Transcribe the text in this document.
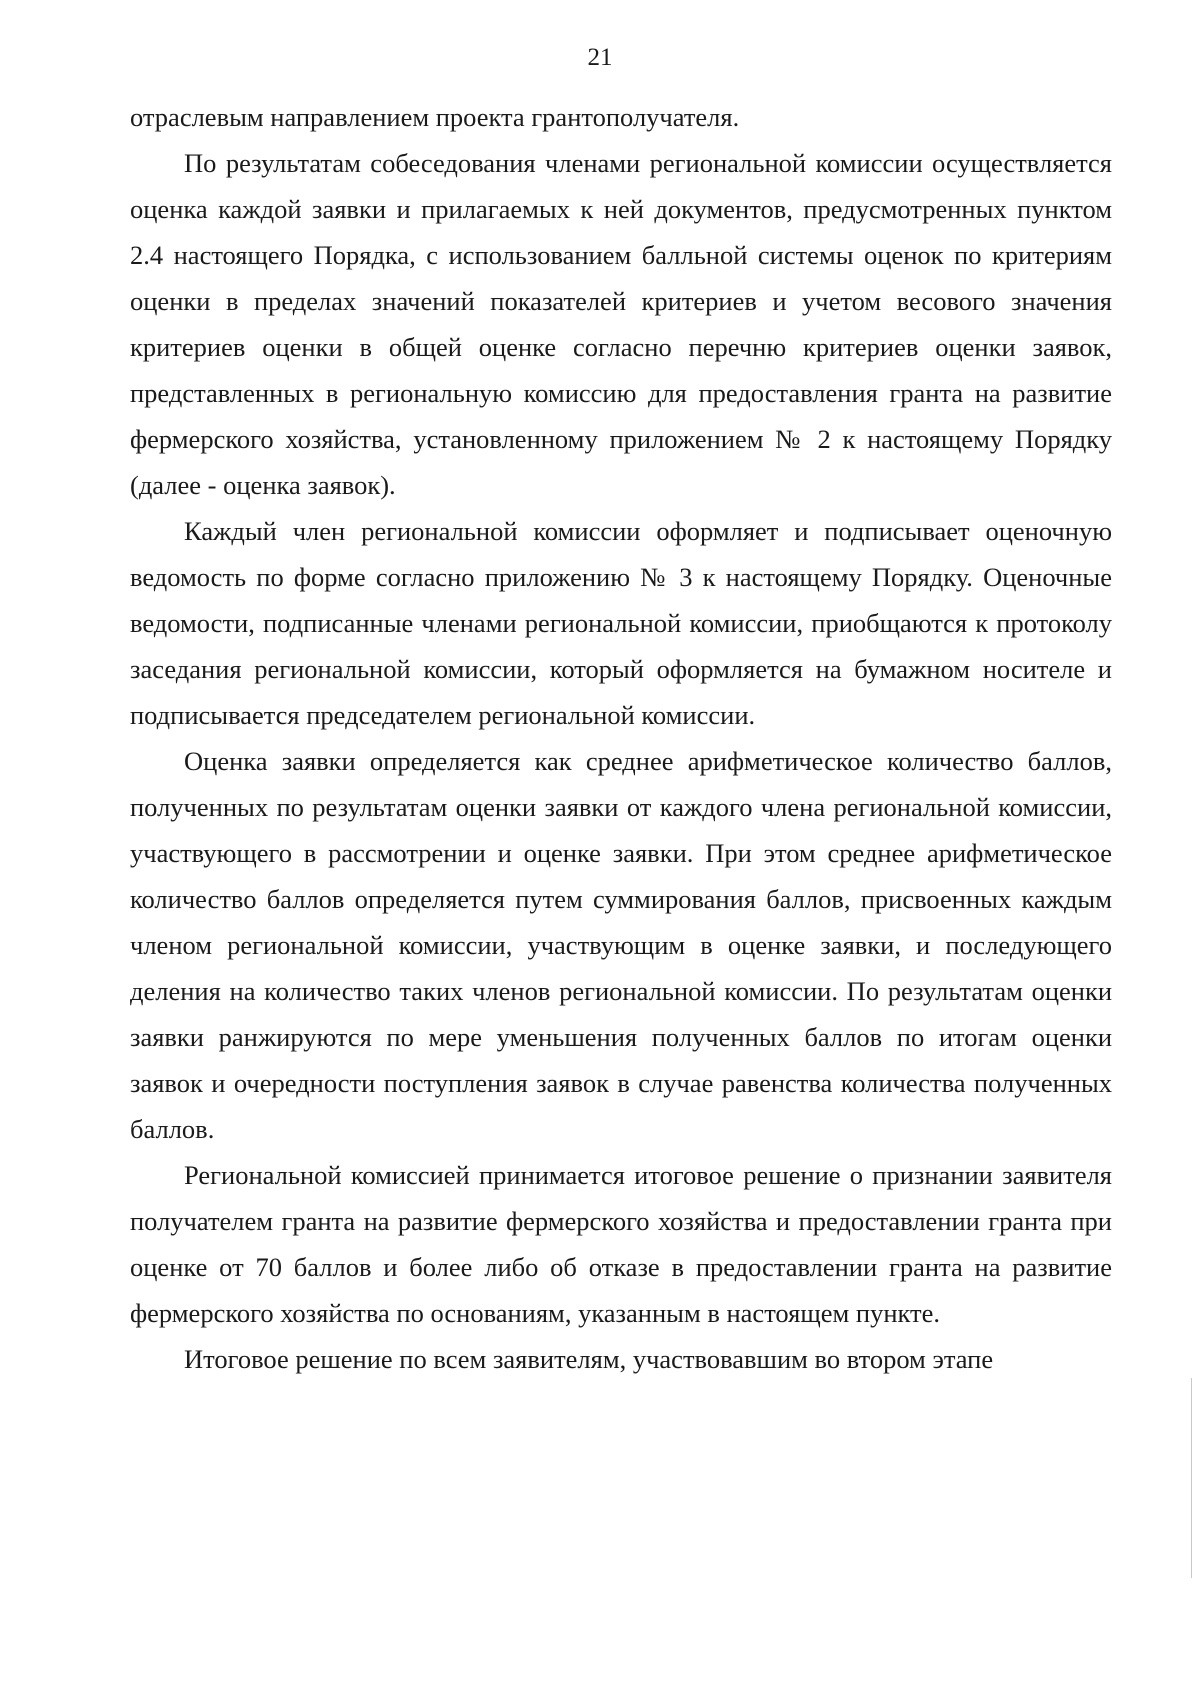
21

отраслевым направлением проекта грантополучателя.

По результатам собеседования членами региональной комиссии осуществляется оценка каждой заявки и прилагаемых к ней документов, предусмотренных пунктом 2.4 настоящего Порядка, с использованием балльной системы оценок по критериям оценки в пределах значений показателей критериев и учетом весового значения критериев оценки в общей оценке согласно перечню критериев оценки заявок, представленных в региональную комиссию для предоставления гранта на развитие фермерского хозяйства, установленному приложением № 2 к настоящему Порядку (далее - оценка заявок).

Каждый член региональной комиссии оформляет и подписывает оценочную ведомость по форме согласно приложению № 3 к настоящему Порядку. Оценочные ведомости, подписанные членами региональной комиссии, приобщаются к протоколу заседания региональной комиссии, который оформляется на бумажном носителе и подписывается председателем региональной комиссии.

Оценка заявки определяется как среднее арифметическое количество баллов, полученных по результатам оценки заявки от каждого члена региональной комиссии, участвующего в рассмотрении и оценке заявки. При этом среднее арифметическое количество баллов определяется путем суммирования баллов, присвоенных каждым членом региональной комиссии, участвующим в оценке заявки, и последующего деления на количество таких членов региональной комиссии. По результатам оценки заявки ранжируются по мере уменьшения полученных баллов по итогам оценки заявок и очередности поступления заявок в случае равенства количества полученных баллов.

Региональной комиссией принимается итоговое решение о признании заявителя получателем гранта на развитие фермерского хозяйства и предоставлении гранта при оценке от 70 баллов и более либо об отказе в предоставлении гранта на развитие фермерского хозяйства по основаниям, указанным в настоящем пункте.

Итоговое решение по всем заявителям, участвовавшим во втором этапе
